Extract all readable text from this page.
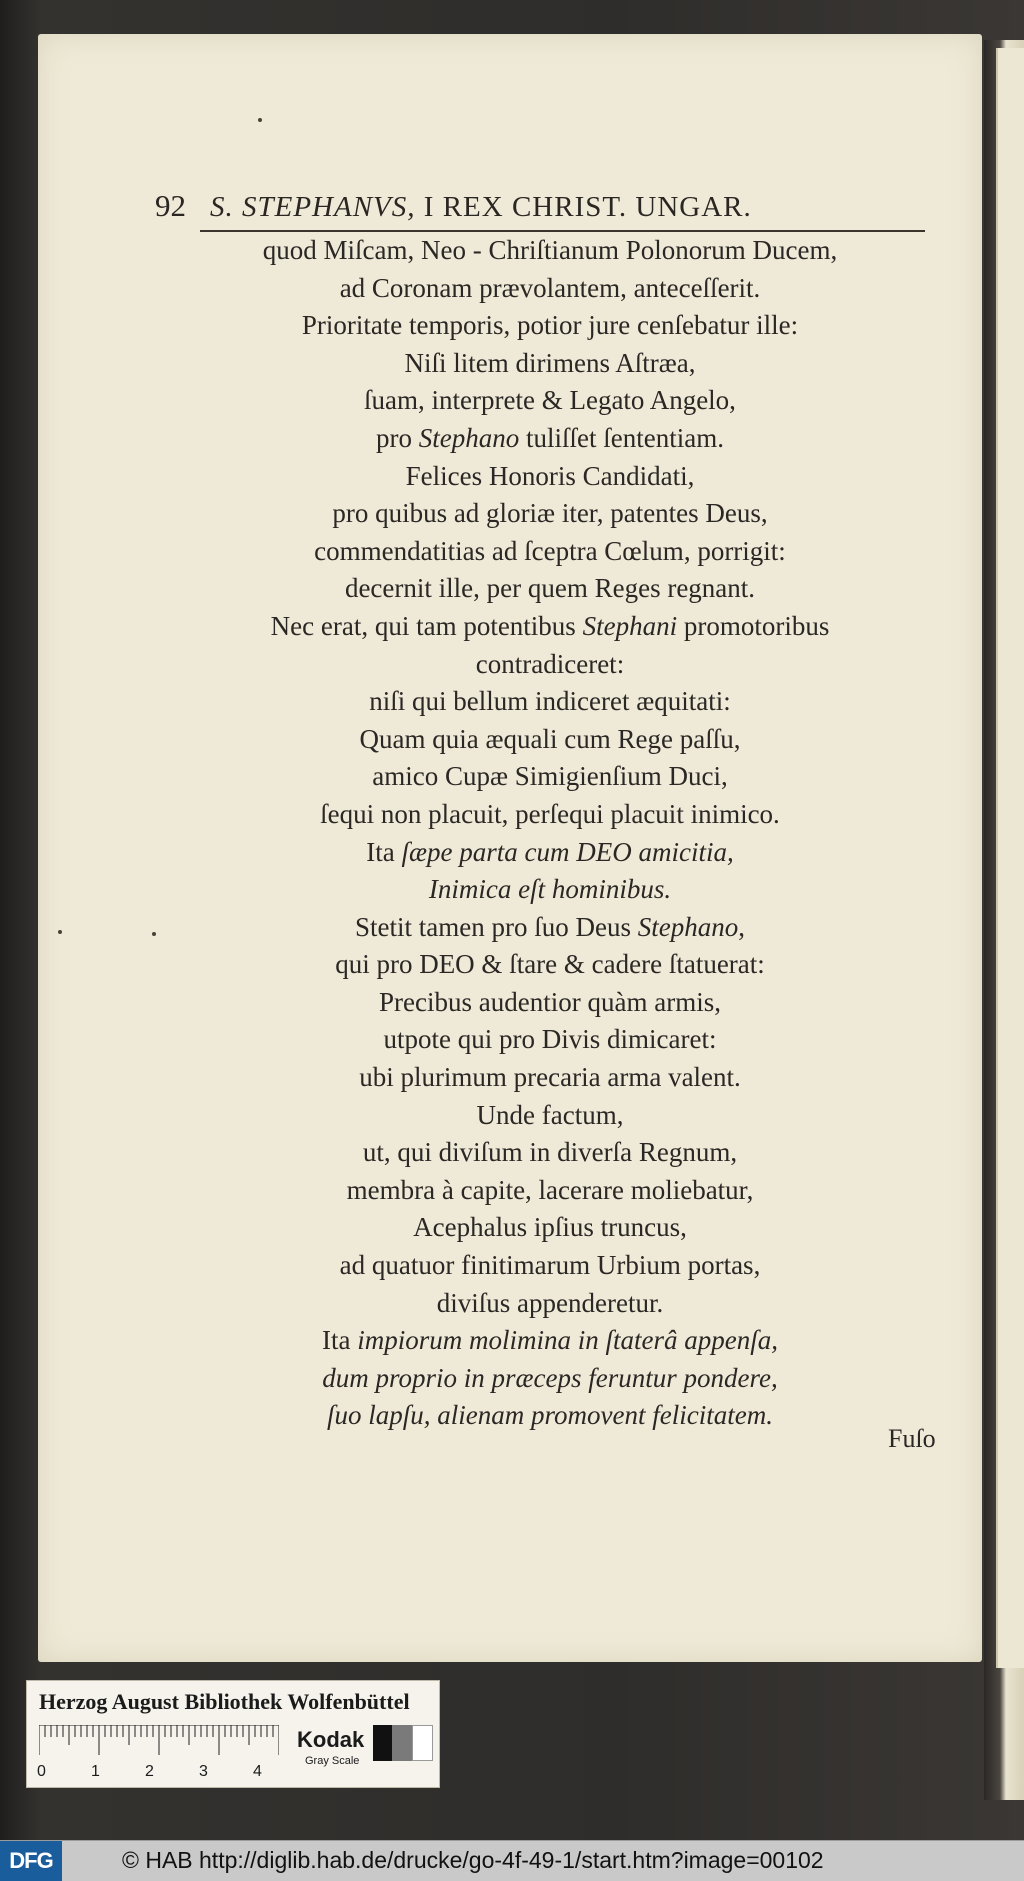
92 S. STEPHANVS, I REX CHRIST. UNGAR.
quod Miſcam, Neo - Chriſtianum Polonorum Ducem,
ad Coronam prævolantem, anteceſſerit.
Prioritate temporis, potior jure cenſebatur ille:
Niſi litem dirimens Aſtræa,
ſuam, interprete & Legato Angelo,
pro Stephano tuliſſet ſententiam.
Felices Honoris Candidati,
pro quibus ad gloriæ iter, patentes Deus,
commendatitias ad ſceptra Cœlum, porrigit:
decernit ille, per quem Reges regnant.
Nec erat, qui tam potentibus Stephani promotoribus
contradiceret:
niſi qui bellum indiceret æquitati:
Quam quia æquali cum Rege paſſu,
amico Cupæ Simigienſium Duci,
ſequi non placuit, perſequi placuit inimico.
Ita ſæpe parta cum DEO amicitia,
Inimica eſt hominibus.
Stetit tamen pro ſuo Deus Stephano,
qui pro DEO & ſtare & cadere ſtatuerat:
Precibus audentior quàm armis,
utpote qui pro Divis dimicaret:
ubi plurimum precaria arma valent.
Unde factum,
ut, qui diviſum in diverſa Regnum,
membra à capite, lacerare moliebatur,
Acephalus ipſius truncus,
ad quatuor finitimarum Urbium portas,
diviſus appenderetur.
Ita impiorum molimina in ſtaterâ appenſa,
dum proprio in præceps feruntur pondere,
ſuo lapſu, alienam promovent felicitatem.
Fuſo
Herzog August Bibliothek Wolfenbüttel
0	1	2	3	4
Kodak
Gray Scale
DFG	© HAB http://diglib.hab.de/drucke/go-4f-49-1/start.htm?image=00102
